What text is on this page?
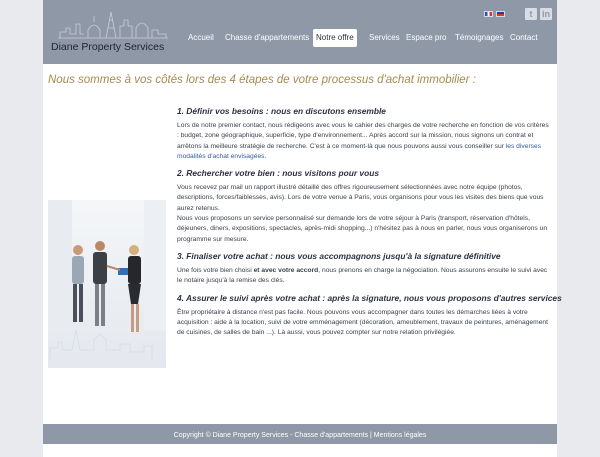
Diane Property Services
t	in
Accueil	Chasse d'appartements Notre offre	Services Espace pro	Témoignages Contact
Nous sommes à vos côtés lors des 4 étapes de votre processus d'achat immobilier :
1. Définir vos besoins : nous en discutons ensemble

Lors de notre premier contact, nous rédigeons avec vous le cahier des charges de votre recherche en fonction de vos critères : budget, zone géographique, superficie, type d'environnement... Après accord sur la mission, nous signons un contrat et arrêtons la meilleure stratégie de recherche. C'est à ce moment-là que nous pouvons aussi vous conseiller sur les diverses modalités d'achat envisagées.

2. Rechercher votre bien : nous visitons pour vous

Vous recevez par mail un rapport illustré détaillé des offres rigoureusement sélectionnées avec notre équipe (photos, descriptions, forces/faiblesses, avis). Lors de votre venue à Paris, vous organisons pour vous les visites des biens que vous aurez retenus.

Nous vous proposons un service personnalisé sur demande lors de votre séjour à Paris (transport, réservation d'hôtels, déjeuners, diners, expositions, spectacles, après-midi shopping...) n'hésitez pas à nous en parler, nous vous organiserons un programme sur mesure.

3. Finaliser votre achat : nous vous accompagnons jusqu'à la signature définitive

Une fois votre bien choisi et avec votre accord, nous prenons en charge la négociation. Nous assurons ensuite le suivi avec le notaire jusqu'à la remise des clés.

4. Assurer le suivi après votre achat : après la signature, nous vous proposons d'autres services

Être propriétaire à distance n'est pas facile. Nous pouvons vous accompagner dans toutes les démarches liées à votre acquisition : aide à la location, suivi de votre emménagement (décoration, ameublement, travaux de peintures, aménagement de cuisines, de salles de bain ...). Là aussi, vous pouvez compter sur notre relation privilégiée.

Copyright © Diane Property Services - Chasse d'appartements | Mentions légales
